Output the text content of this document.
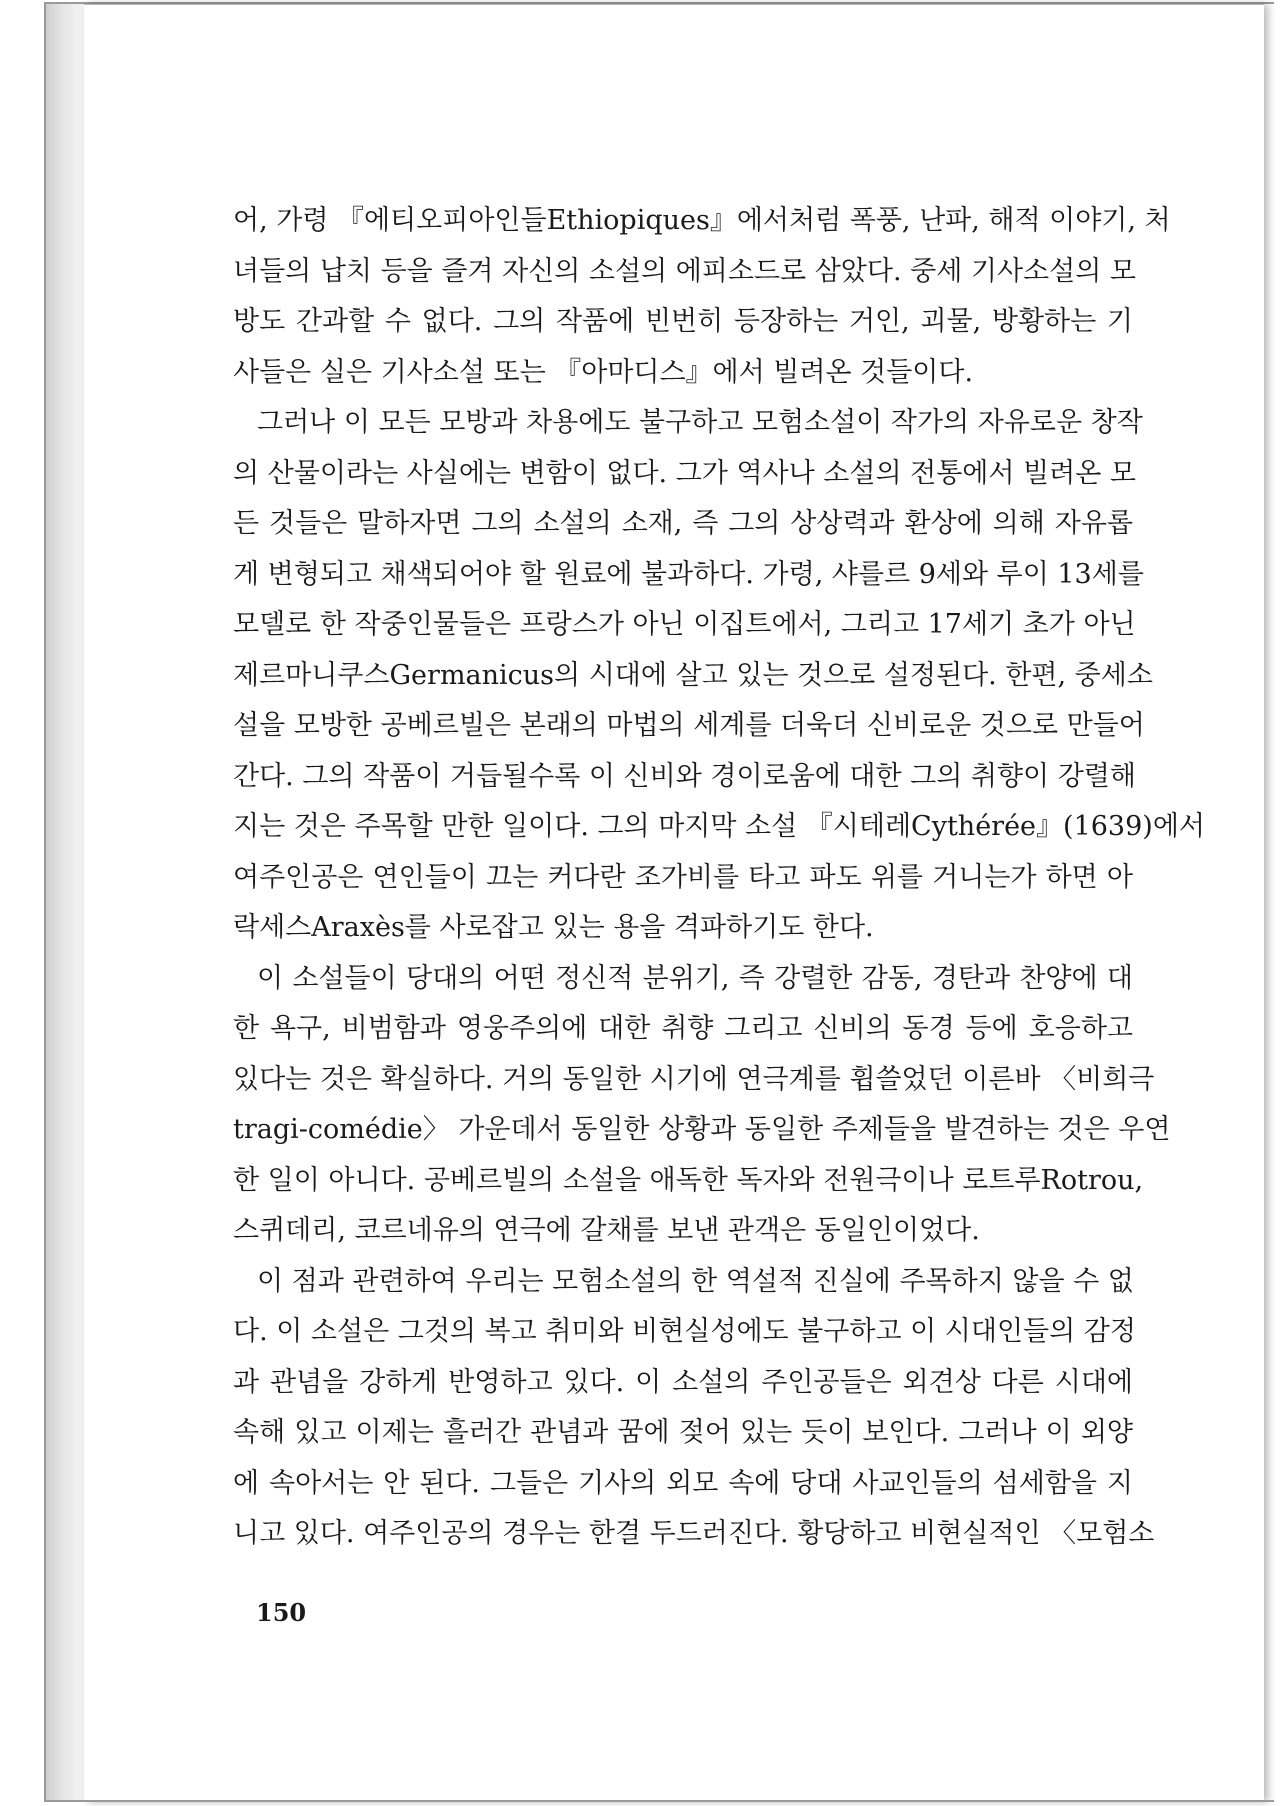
어, 가령 『에티오피아인들Ethiopiques』에서처럼 폭풍, 난파, 해적 이야기, 처
녀들의 납치 등을 즐겨 자신의 소설의 에피소드로 삼았다. 중세 기사소설의 모
방도 간과할 수 없다. 그의 작품에 빈번히 등장하는 거인, 괴물, 방황하는 기
사들은 실은 기사소설 또는 『아마디스』에서 빌려온 것들이다.
그러나 이 모든 모방과 차용에도 불구하고 모험소설이 작가의 자유로운 창작
의 산물이라는 사실에는 변함이 없다. 그가 역사나 소설의 전통에서 빌려온 모
든 것들은 말하자면 그의 소설의 소재, 즉 그의 상상력과 환상에 의해 자유롭
게 변형되고 채색되어야 할 원료에 불과하다. 가령, 샤를르 9세와 루이 13세를
모델로 한 작중인물들은 프랑스가 아닌 이집트에서, 그리고 17세기 초가 아닌
제르마니쿠스Germanicus의 시대에 살고 있는 것으로 설정된다. 한편, 중세소
설을 모방한 공베르빌은 본래의 마법의 세계를 더욱더 신비로운 것으로 만들어
간다. 그의 작품이 거듭될수록 이 신비와 경이로움에 대한 그의 취향이 강렬해
지는 것은 주목할 만한 일이다. 그의 마지막 소설 『시테레Cythérée』(1639)에서
여주인공은 연인들이 끄는 커다란 조가비를 타고 파도 위를 거니는가 하면 아
락세스Araxès를 사로잡고 있는 용을 격파하기도 한다.
이 소설들이 당대의 어떤 정신적 분위기, 즉 강렬한 감동, 경탄과 찬양에 대
한 욕구, 비범함과 영웅주의에 대한 취향 그리고 신비의 동경 등에 호응하고
있다는 것은 확실하다. 거의 동일한 시기에 연극계를 휩쓸었던 이른바 〈비희극
tragi-comédie〉 가운데서 동일한 상황과 동일한 주제들을 발견하는 것은 우연
한 일이 아니다. 공베르빌의 소설을 애독한 독자와 전원극이나 로트루Rotrou,
스퀴데리, 코르네유의 연극에 갈채를 보낸 관객은 동일인이었다.
이 점과 관련하여 우리는 모험소설의 한 역설적 진실에 주목하지 않을 수 없
다. 이 소설은 그것의 복고 취미와 비현실성에도 불구하고 이 시대인들의 감정
과 관념을 강하게 반영하고 있다. 이 소설의 주인공들은 외견상 다른 시대에
속해 있고 이제는 흘러간 관념과 꿈에 젖어 있는 듯이 보인다. 그러나 이 외양
에 속아서는 안 된다. 그들은 기사의 외모 속에 당대 사교인들의 섬세함을 지
니고 있다. 여주인공의 경우는 한결 두드러진다. 황당하고 비현실적인 〈모험소
150
